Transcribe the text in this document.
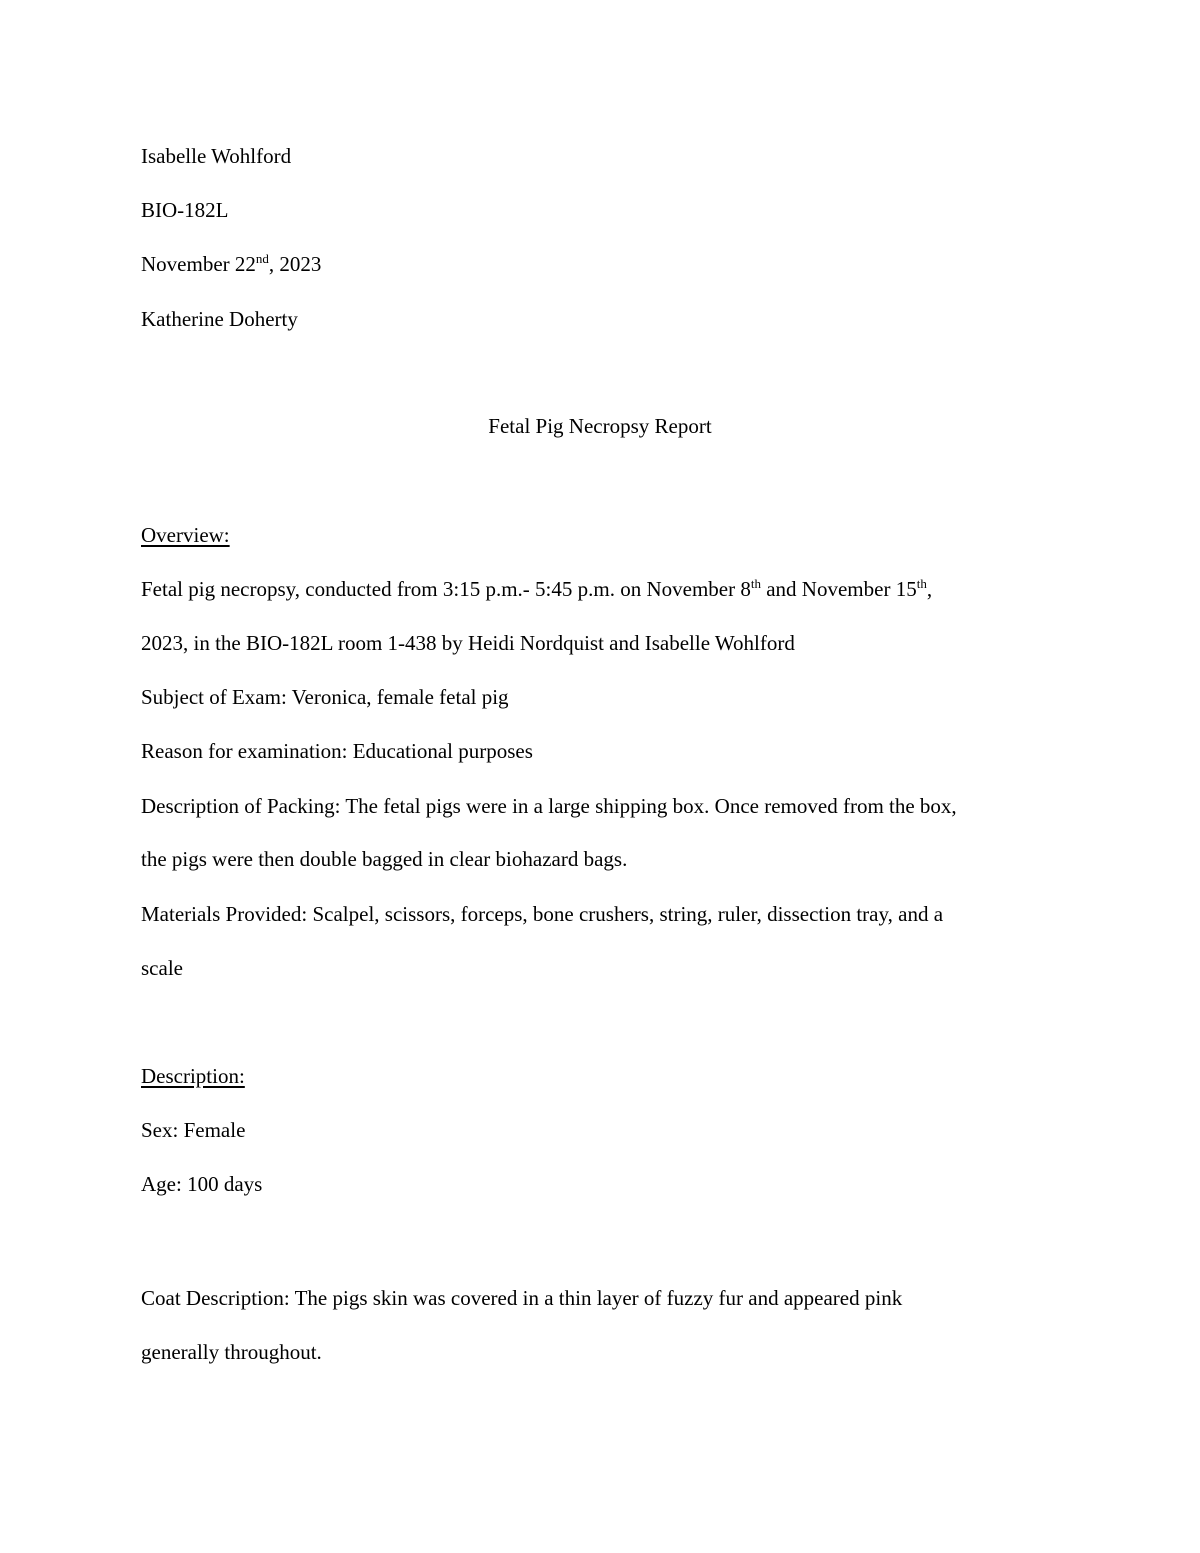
Isabelle Wohlford

BIO-182L

November 22nd, 2023

Katherine Doherty

Fetal Pig Necropsy Report

Overview:

Fetal pig necropsy, conducted from 3:15 p.m.- 5:45 p.m. on November 8th and November 15th,

2023, in the BIO-182L room 1-438 by Heidi Nordquist and Isabelle Wohlford

Subject of Exam: Veronica, female fetal pig

Reason for examination: Educational purposes

Description of Packing: The fetal pigs were in a large shipping box. Once removed from the box,

the pigs were then double bagged in clear biohazard bags.

Materials Provided: Scalpel, scissors, forceps, bone crushers, string, ruler, dissection tray, and a

scale

Description:

Sex: Female

Age: 100 days

Coat Description: The pigs skin was covered in a thin layer of fuzzy fur and appeared pink

generally throughout.
